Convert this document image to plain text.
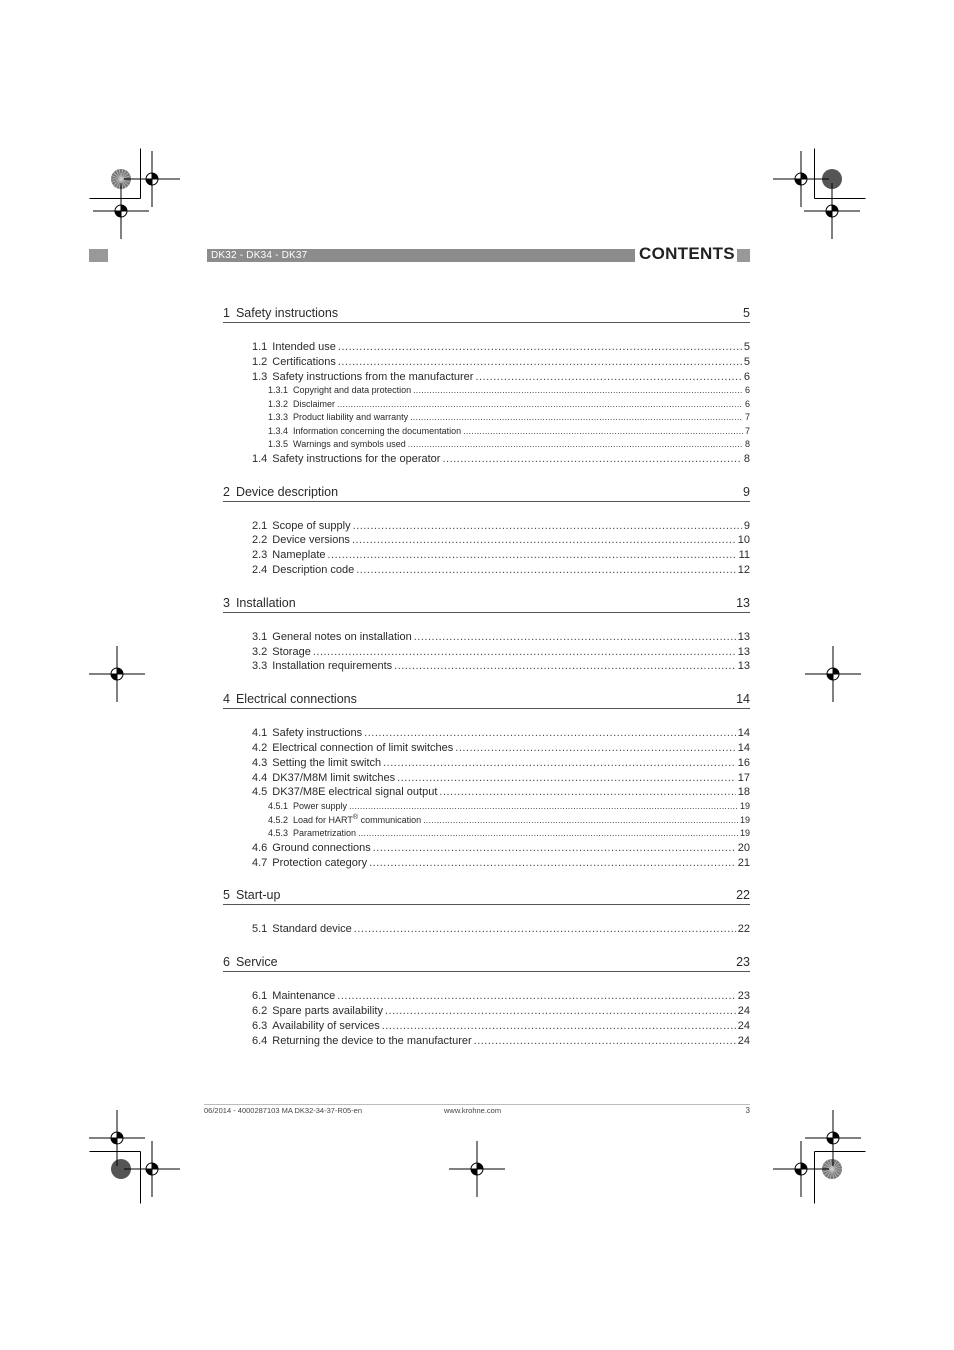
DK32 - DK34 - DK37	CONTENTS
1 Safety instructions	5
1.1 Intended use .....	5
1.2 Certifications .....	5
1.3 Safety instructions from the manufacturer .....	6
1.3.1 Copyright and data protection .....	6
1.3.2 Disclaimer .....	6
1.3.3 Product liability and warranty .....	7
1.3.4 Information concerning the documentation .....	7
1.3.5 Warnings and symbols used .....	8
1.4 Safety instructions for the operator .....	8
2 Device description	9
2.1 Scope of supply .....	9
2.2 Device versions .....	10
2.3 Nameplate .....	11
2.4 Description code .....	12
3 Installation	13
3.1 General notes on installation .....	13
3.2 Storage .....	13
3.3 Installation requirements .....	13
4 Electrical connections	14
4.1 Safety instructions .....	14
4.2 Electrical connection of limit switches .....	14
4.3 Setting the limit switch .....	16
4.4 DK37/M8M limit switches .....	17
4.5 DK37/M8E electrical signal output .....	18
4.5.1 Power supply .....	19
4.5.2 Load for HART® communication .....	19
4.5.3 Parametrization .....	19
4.6 Ground connections .....	20
4.7 Protection category .....	21
5 Start-up	22
5.1 Standard device .....	22
6 Service	23
6.1 Maintenance .....	23
6.2 Spare parts availability .....	24
6.3 Availability of services .....	24
6.4 Returning the device to the manufacturer .....	24
06/2014 - 4000287103 MA DK32-34-37-R05-en	www.krohne.com	3
